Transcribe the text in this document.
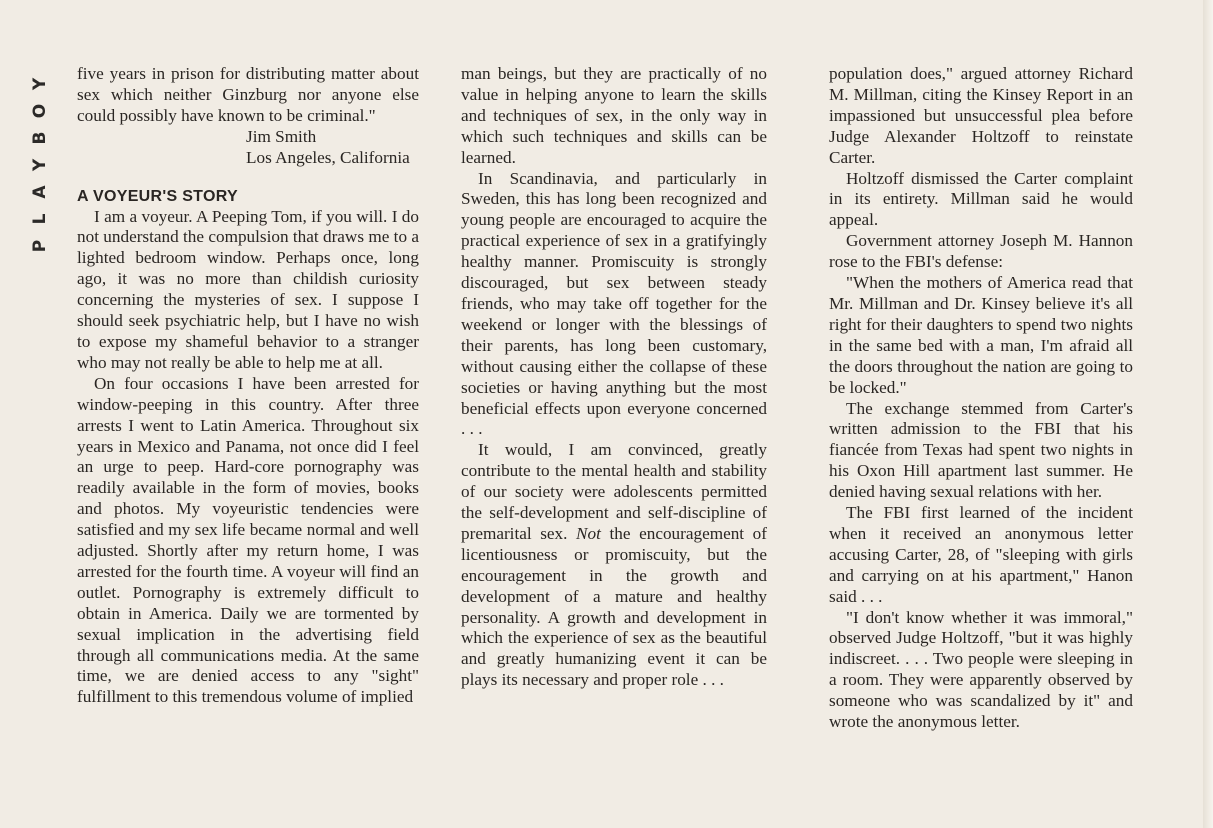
P
L
A
Y
B
O
Y

five years in prison for distributing matter about sex which neither Ginzburg nor anyone else could possibly have known to be criminal."

Jim Smith

Los Angeles, California

A VOYEUR'S STORY

I am a voyeur. A Peeping Tom, if you will. I do not understand the compulsion that draws me to a lighted bedroom window. Perhaps once, long ago, it was no more than childish curiosity concerning the mysteries of sex. I suppose I should seek psychiatric help, but I have no wish to expose my shameful behavior to a stranger who may not really be able to help me at all.

On four occasions I have been arrested for window-peeping in this country. After three arrests I went to Latin America. Throughout six years in Mexico and Panama, not once did I feel an urge to peep. Hard-core pornography was readily available in the form of movies, books and photos. My voyeuristic tendencies were satisfied and my sex life became normal and well adjusted. Shortly after my return home, I was arrested for the fourth time. A voyeur will find an outlet. Pornography is extremely difficult to obtain in America. Daily we are tormented by sexual implication in the advertising field through all communications media. At the same time, we are denied access to any "sight" fulfillment to this tremendous volume of implied

man beings, but they are practically of no value in helping anyone to learn the skills and techniques of sex, in the only way in which such techniques and skills can be learned.

In Scandinavia, and particularly in Sweden, this has long been recognized and young people are encouraged to acquire the practical experience of sex in a gratifyingly healthy manner. Promiscuity is strongly discouraged, but sex between steady friends, who may take off together for the weekend or longer with the blessings of their parents, has long been customary, without causing either the collapse of these societies or having anything but the most beneficial effects upon everyone concerned . . .

It would, I am convinced, greatly contribute to the mental health and stability of our society were adolescents permitted the self-development and self-discipline of premarital sex. Not the encouragement of licentiousness or promiscuity, but the encouragement in the growth and development of a mature and healthy personality. A growth and development in which the experience of sex as the beautiful and greatly humanizing event it can be plays its necessary and proper role . . .

population does," argued attorney Richard M. Millman, citing the Kinsey Report in an impassioned but unsuccessful plea before Judge Alexander Holtzoff to reinstate Carter.

Holtzoff dismissed the Carter complaint in its entirety. Millman said he would appeal.

Government attorney Joseph M. Hannon rose to the FBI's defense:

"When the mothers of America read that Mr. Millman and Dr. Kinsey believe it's all right for their daughters to spend two nights in the same bed with a man, I'm afraid all the doors throughout the nation are going to be locked."

The exchange stemmed from Carter's written admission to the FBI that his fiancée from Texas had spent two nights in his Oxon Hill apartment last summer. He denied having sexual relations with her.

The FBI first learned of the incident when it received an anonymous letter accusing Carter, 28, of "sleeping with girls and carrying on at his apartment," Hanon said . . .

"I don't know whether it was immoral," observed Judge Holtzoff, "but it was highly indiscreet. . . . Two people were sleeping in a room. They were apparently observed by someone who was scandalized by it" and wrote the anonymous letter.
